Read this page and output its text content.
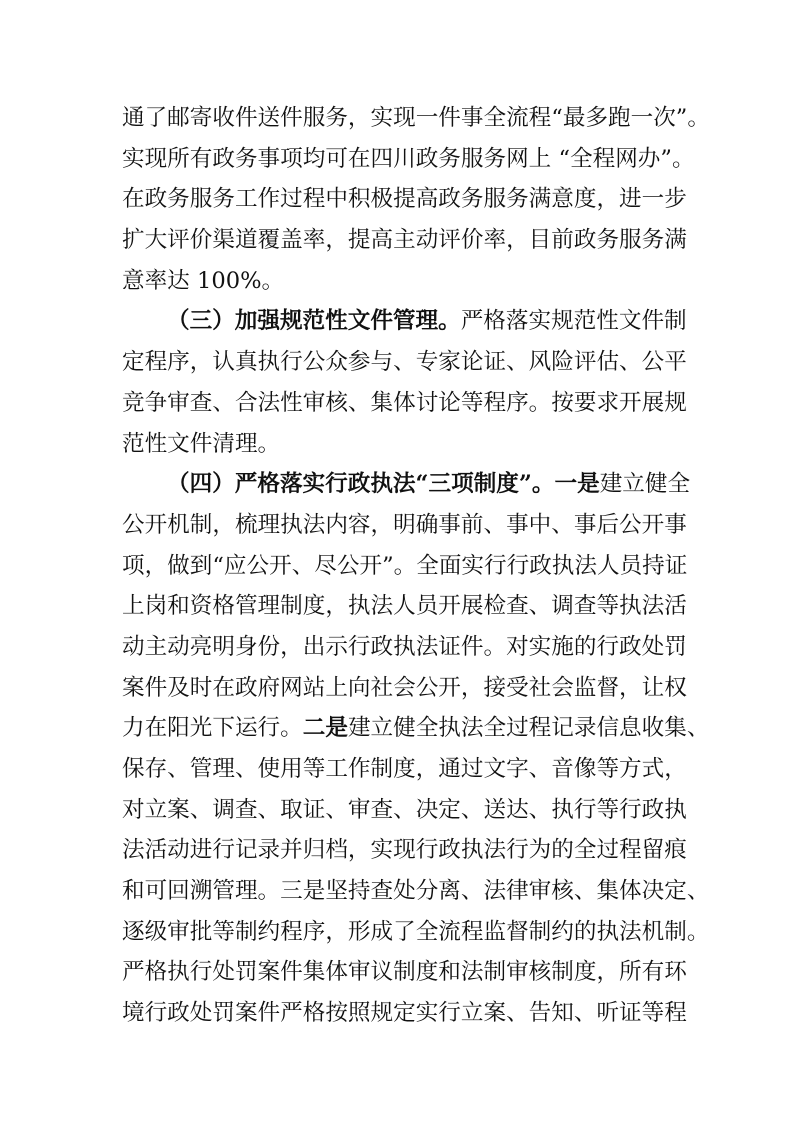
通了邮寄收件送件服务，实现一件事全流程“最多跑一次”。
实现所有政务事项均可在四川政务服务网上 “全程网办”。
在政务服务工作过程中积极提高政务服务满意度，进一步
扩大评价渠道覆盖率，提高主动评价率，目前政务服务满
意率达 100%。
（三）加强规范性文件管理。严格落实规范性文件制
定程序，认真执行公众参与、专家论证、风险评估、公平
竞争审查、合法性审核、集体讨论等程序。按要求开展规
范性文件清理。
（四）严格落实行政执法“三项制度”。一是建立健全
公开机制，梳理执法内容，明确事前、事中、事后公开事
项，做到“应公开、尽公开”。全面实行行政执法人员持证
上岗和资格管理制度，执法人员开展检查、调查等执法活
动主动亮明身份，出示行政执法证件。对实施的行政处罚
案件及时在政府网站上向社会公开，接受社会监督，让权
力在阳光下运行。二是建立健全执法全过程记录信息收集、
保存、管理、使用等工作制度，通过文字、音像等方式，
对立案、调查、取证、审查、决定、送达、执行等行政执
法活动进行记录并归档，实现行政执法行为的全过程留痕
和可回溯管理。三是坚持查处分离、法律审核、集体决定、
逐级审批等制约程序，形成了全流程监督制约的执法机制。
严格执行处罚案件集体审议制度和法制审核制度，所有环
境行政处罚案件严格按照规定实行立案、告知、听证等程
